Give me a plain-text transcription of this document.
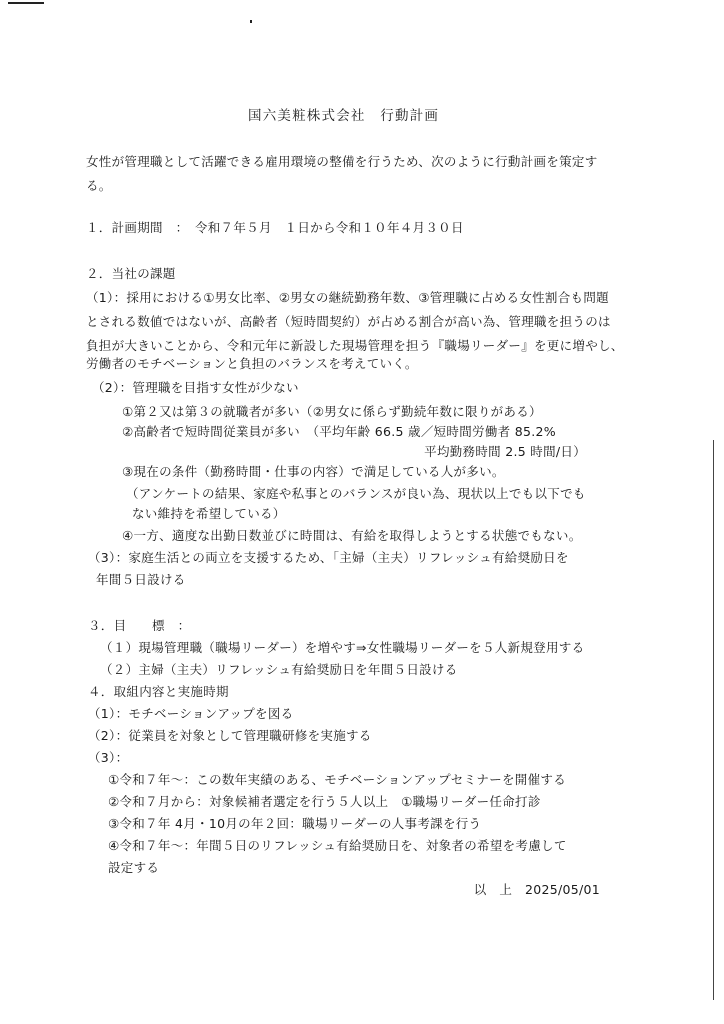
国六美粧株式会社　行動計画

女性が管理職として活躍できる雇用環境の整備を行うため、次のように行動計画を策定す

る。

１．計画期間　：　令和７年５月　１日から令和１０年４月３０日

２．当社の課題

（1）：採用における①男女比率、②男女の継続勤務年数、③管理職に占める女性割合も問題

とされる数値ではないが、高齢者（短時間契約）が占める割合が高い為、管理職を担うのは

負担が大きいことから、令和元年に新設した現場管理を担う『職場リーダー』を更に増やし、

労働者のモチベーションと負担のバランスを考えていく。

（2）：管理職を目指す女性が少ない

①第２又は第３の就職者が多い（②男女に係らず勤続年数に限りがある）

②高齢者で短時間従業員が多い　（平均年齢 66.5 歳／短時間労働者 85.2%

平均勤務時間 2.5 時間/日）

③現在の条件（勤務時間・仕事の内容）で満足している人が多い。

（アンケートの結果、家庭や私事とのバランスが良い為、現状以上でも以下でも

ない維持を希望している）

④一方、適度な出勤日数並びに時間は、有給を取得しようとする状態でもない。

（3）：家庭生活との両立を支援するため、「主婦（主夫）リフレッシュ有給奨励日を

年間５日設ける

３．目　　標　：

（１）現場管理職（職場リーダー）を増やす⇒女性職場リーダーを５人新規登用する

（２）主婦（主夫）リフレッシュ有給奨励日を年間５日設ける

４．取組内容と実施時期

（1）：モチベーションアップを図る

（2）：従業員を対象として管理職研修を実施する

（3）：

①令和７年～：この数年実績のある、モチベーションアップセミナーを開催する

②令和７月から：対象候補者選定を行う５人以上　①職場リーダー任命打診

③令和７年 4月・10月の年２回：職場リーダーの人事考課を行う

④令和７年～：年間５日のリフレッシュ有給奨励日を、対象者の希望を考慮して

設定する

以　上　2025/05/01
